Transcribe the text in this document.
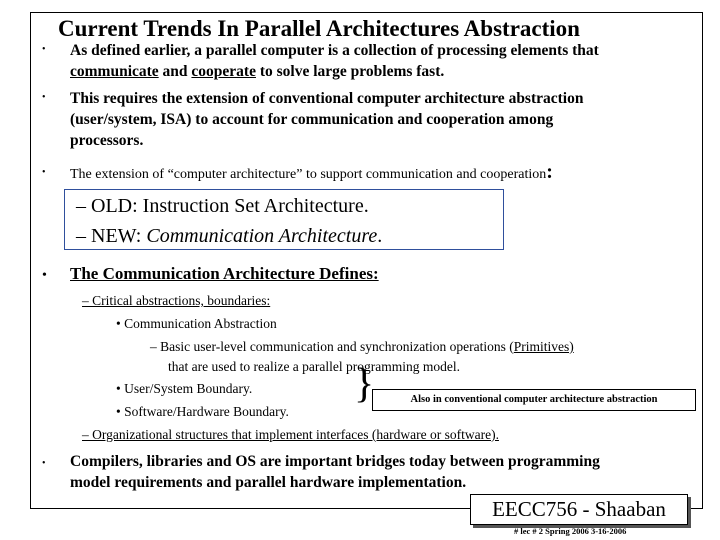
Current Trends In Parallel Architectures Abstraction
• As defined earlier, a parallel computer is a collection of processing elements that
communicate and cooperate to solve large problems fast.
• This requires the extension of conventional computer architecture abstraction
(user/system, ISA) to account for communication and cooperation among
processors.
• The extension of “computer architecture” to support communication and cooperation:
– OLD: Instruction Set Architecture.
– NEW: Communication Architecture.
• The Communication Architecture Defines:
– Critical abstractions, boundaries:
• Communication Abstraction
– Basic user-level communication and synchronization operations (Primitives)
that are used to realize a parallel programming model.
• User/System Boundary.
• Software/Hardware Boundary.
}	Also in conventional computer architecture abstraction
– Organizational structures that implement interfaces (hardware or software).
• Compilers, libraries and OS are important bridges today between programming
model requirements and parallel hardware implementation.
EECC756 - Shaaban
# lec # 2 Spring 2006 3-16-2006
